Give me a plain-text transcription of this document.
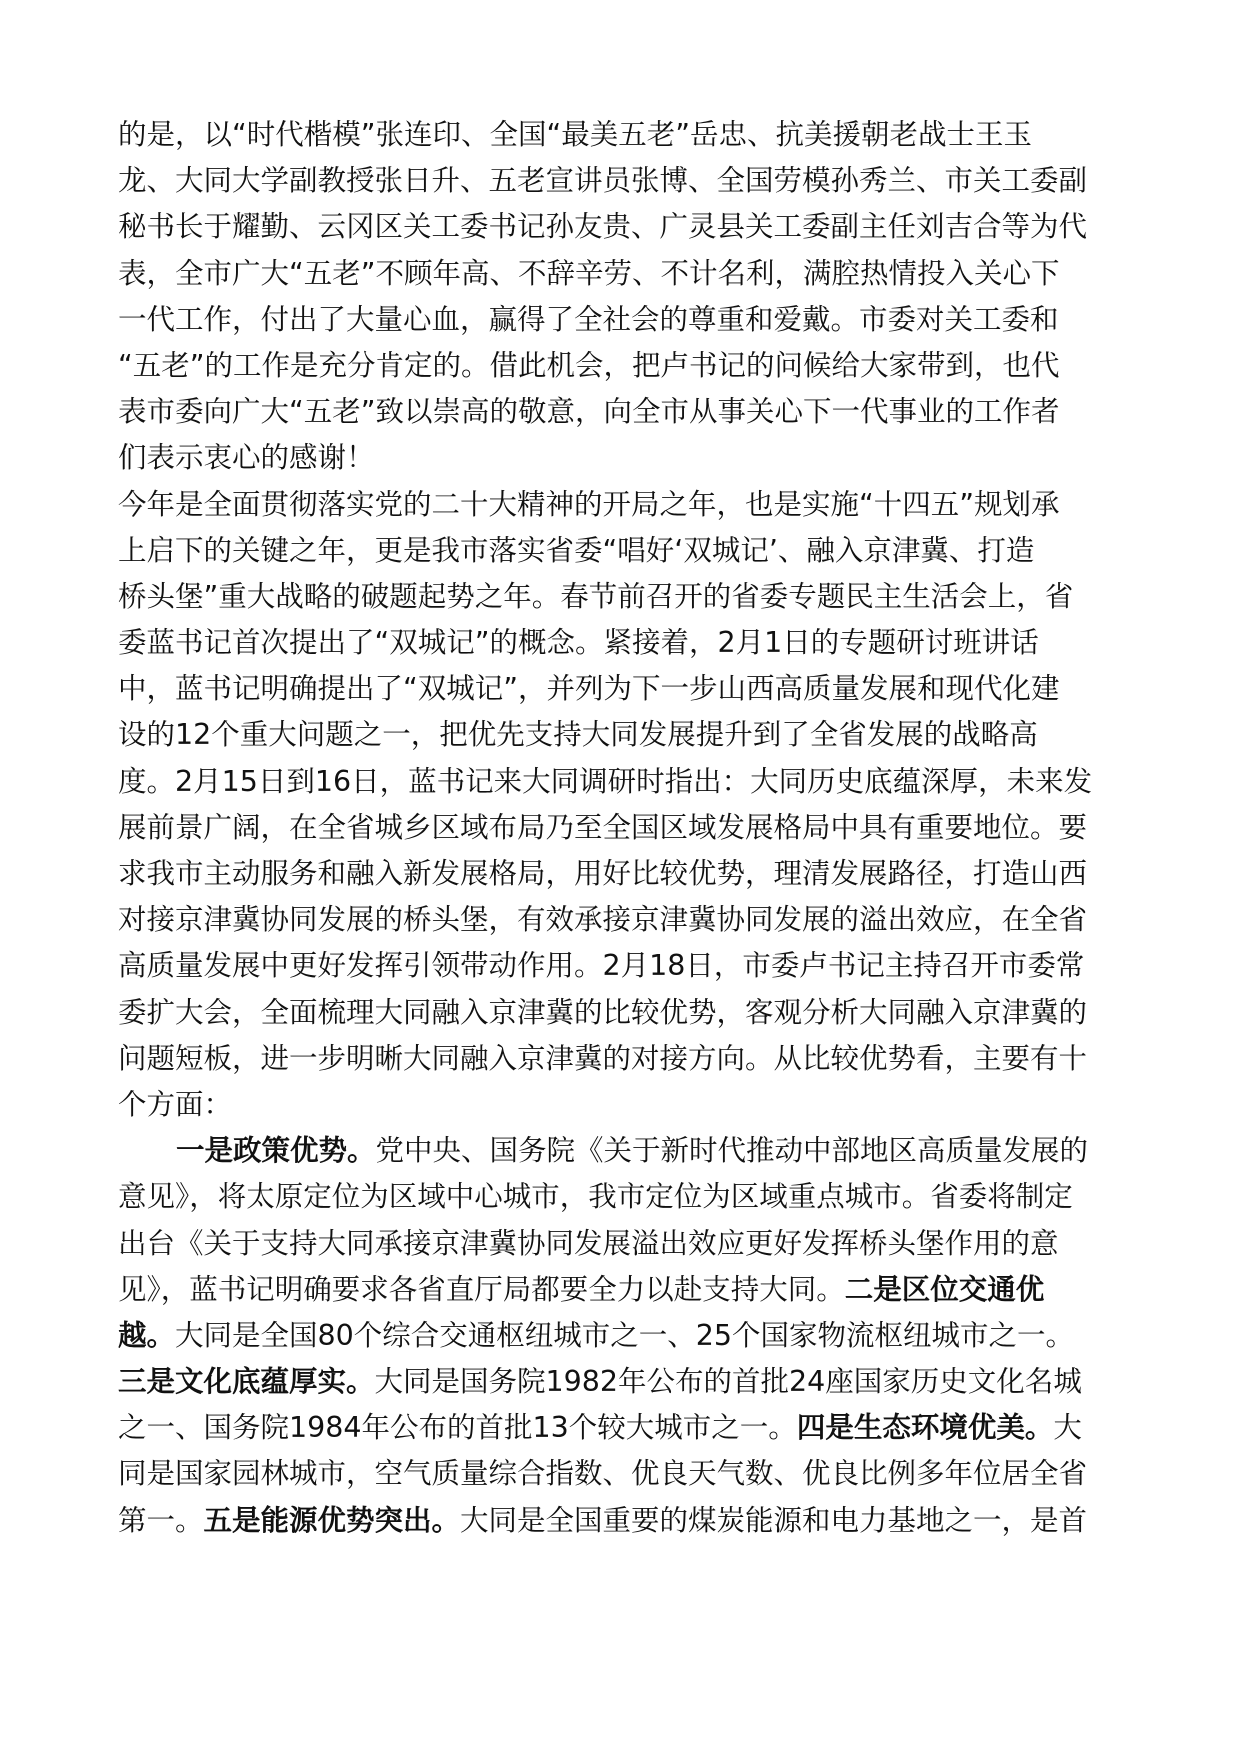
的是，以“时代楷模”张连印、全国“最美五老”岳忠、抗美援朝老战士王玉
龙、大同大学副教授张日升、五老宣讲员张博、全国劳模孙秀兰、市关工委副
秘书长于耀勤、云冈区关工委书记孙友贵、广灵县关工委副主任刘吉合等为代
表，全市广大“五老”不顾年高、不辞辛劳、不计名利，满腔热情投入关心下
一代工作，付出了大量心血，赢得了全社会的尊重和爱戴。市委对关工委和
“五老”的工作是充分肯定的。借此机会，把卢书记的问候给大家带到，也代
表市委向广大“五老”致以崇高的敬意，向全市从事关心下一代事业的工作者
们表示衷心的感谢！
今年是全面贯彻落实党的二十大精神的开局之年，也是实施“十四五”规划承
上启下的关键之年，更是我市落实省委“唱好‘双城记’、融入京津冀、打造
桥头堡”重大战略的破题起势之年。春节前召开的省委专题民主生活会上，省
委蓝书记首次提出了“双城记”的概念。紧接着，2月1日的专题研讨班讲话
中，蓝书记明确提出了“双城记”，并列为下一步山西高质量发展和现代化建
设的12个重大问题之一，把优先支持大同发展提升到了全省发展的战略高
度。2月15日到16日，蓝书记来大同调研时指出：大同历史底蕴深厚，未来发
展前景广阔，在全省城乡区域布局乃至全国区域发展格局中具有重要地位。要
求我市主动服务和融入新发展格局，用好比较优势，理清发展路径，打造山西
对接京津冀协同发展的桥头堡，有效承接京津冀协同发展的溢出效应，在全省
高质量发展中更好发挥引领带动作用。2月18日，市委卢书记主持召开市委常
委扩大会，全面梳理大同融入京津冀的比较优势，客观分析大同融入京津冀的
问题短板，进一步明晰大同融入京津冀的对接方向。从比较优势看，主要有十
个方面：
一是政策优势。党中央、国务院《关于新时代推动中部地区高质量发展的
意见》，将太原定位为区域中心城市，我市定位为区域重点城市。省委将制定
出台《关于支持大同承接京津冀协同发展溢出效应更好发挥桥头堡作用的意
见》，蓝书记明确要求各省直厅局都要全力以赴支持大同。二是区位交通优
越。大同是全国80个综合交通枢纽城市之一、25个国家物流枢纽城市之一。
三是文化底蕴厚实。大同是国务院1982年公布的首批24座国家历史文化名城
之一、国务院1984年公布的首批13个较大城市之一。四是生态环境优美。大
同是国家园林城市，空气质量综合指数、优良天气数、优良比例多年位居全省
第一。五是能源优势突出。大同是全国重要的煤炭能源和电力基地之一，是首
